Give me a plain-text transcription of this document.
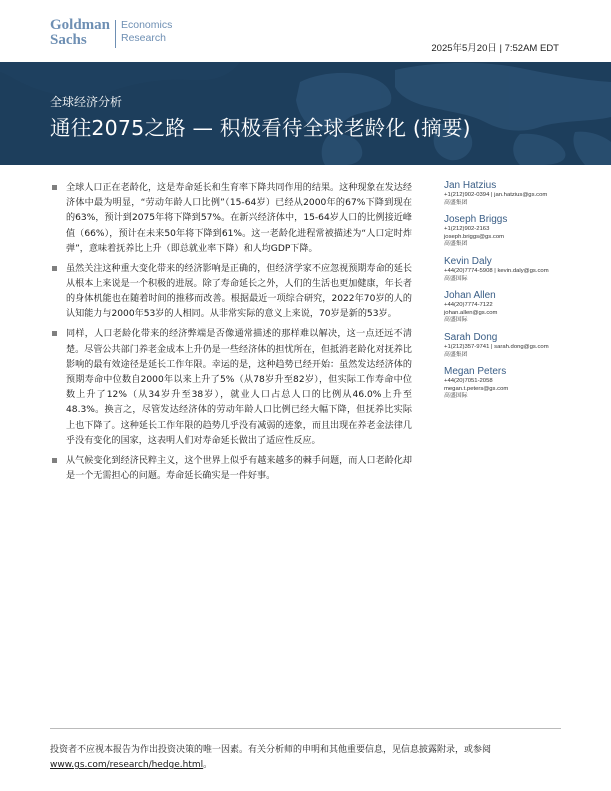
Goldman
Sachs
Economics
Research
2025年5月20日 | 7:52AM EDT
全球经济分析
通往2075之路 — 积极看待全球老龄化 (摘要)

全球人口正在老龄化，这是寿命延长和生育率下降共同作用的结果。这种现象在发达经济体中最为明显，“劳动年龄人口比例”（15-64岁）已经从2000年的67%下降到现在的63%，预计到2075年将下降到57%。在新兴经济体中，15-64岁人口的比例接近峰值（66%），预计在未来50年将下降到61%。这一老龄化进程常被描述为“人口定时炸弹”，意味着抚养比上升（即总就业率下降）和人均GDP下降。

虽然关注这种重大变化带来的经济影响是正确的，但经济学家不应忽视预期寿命的延长从根本上来说是一个积极的进展。除了寿命延长之外，人们的生活也更加健康，年长者的身体机能也在随着时间的推移而改善。根据最近一项综合研究，2022年70岁的人的认知能力与2000年53岁的人相同。从非常实际的意义上来说，70岁是新的53岁。

同样，人口老龄化带来的经济弊端是否像通常描述的那样难以解决，这一点还远不清楚。尽管公共部门养老金成本上升仍是一些经济体的担忧所在，但抵消老龄化对抚养比影响的最有效途径是延长工作年限。幸运的是，这种趋势已经开始：虽然发达经济体的预期寿命中位数自2000年以来上升了5%（从78岁升至82岁），但实际工作寿命中位数上升了12%（从34岁升至38岁），就业人口占总人口的比例从46.0%上升至48.3%。换言之，尽管发达经济体的劳动年龄人口比例已经大幅下降，但抚养比实际上也下降了。这种延长工作年限的趋势几乎没有减弱的迹象，而且出现在养老金法律几乎没有变化的国家，这表明人们对寿命延长做出了适应性反应。

从气候变化到经济民粹主义，这个世界上似乎有越来越多的棘手问题，而人口老龄化却是一个无需担心的问题。寿命延长确实是一件好事。

Jan Hatzius
+1(212)902-0394 | jan.hatzius@gs.com
高盛集团
Joseph Briggs
+1(212)902-2163
joseph.briggs@gs.com
高盛集团
Kevin Daly
+44(20)7774-5908 | kevin.daly@gs.com
高盛国际
Johan Allen
+44(20)7774-7122
johan.allen@gs.com
高盛国际
Sarah Dong
+1(212)357-9741 | sarah.dong@gs.com
高盛集团
Megan Peters
+44(20)7051-2058
megan.t.peters@gs.com
高盛国际
投资者不应视本报告为作出投资决策的唯一因素。有关分析师的申明和其他重要信息，见信息披露附录，或参阅
www.gs.com/research/hedge.html。
